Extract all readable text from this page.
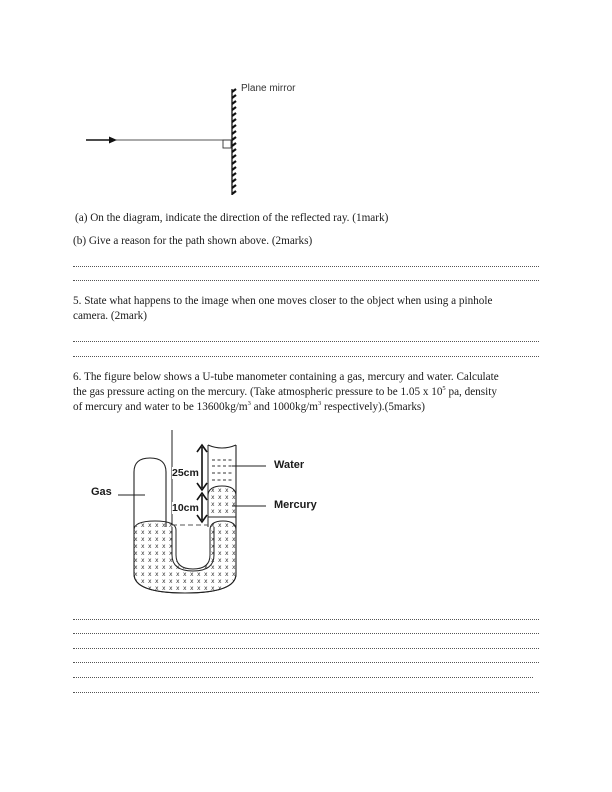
Plane mirror
(a) On the diagram, indicate the direction of the reflected ray. (1mark)
(b) Give a reason for the path shown above. (2marks)
5. State what happens to the image when one moves closer to the object when using a pinhole
camera. (2mark)
6. The figure below shows a U-tube manometer containing a gas, mercury and water. Calculate
the gas pressure acting on the mercury. (Take atmospheric pressure to be 1.05 x $10^5$ pa, density
of mercury and water to be $13600kg/m^3$ and $1000kg/m^3$ respectively).(5marks)
Gas
Water
Mercury
25cm
10cm
